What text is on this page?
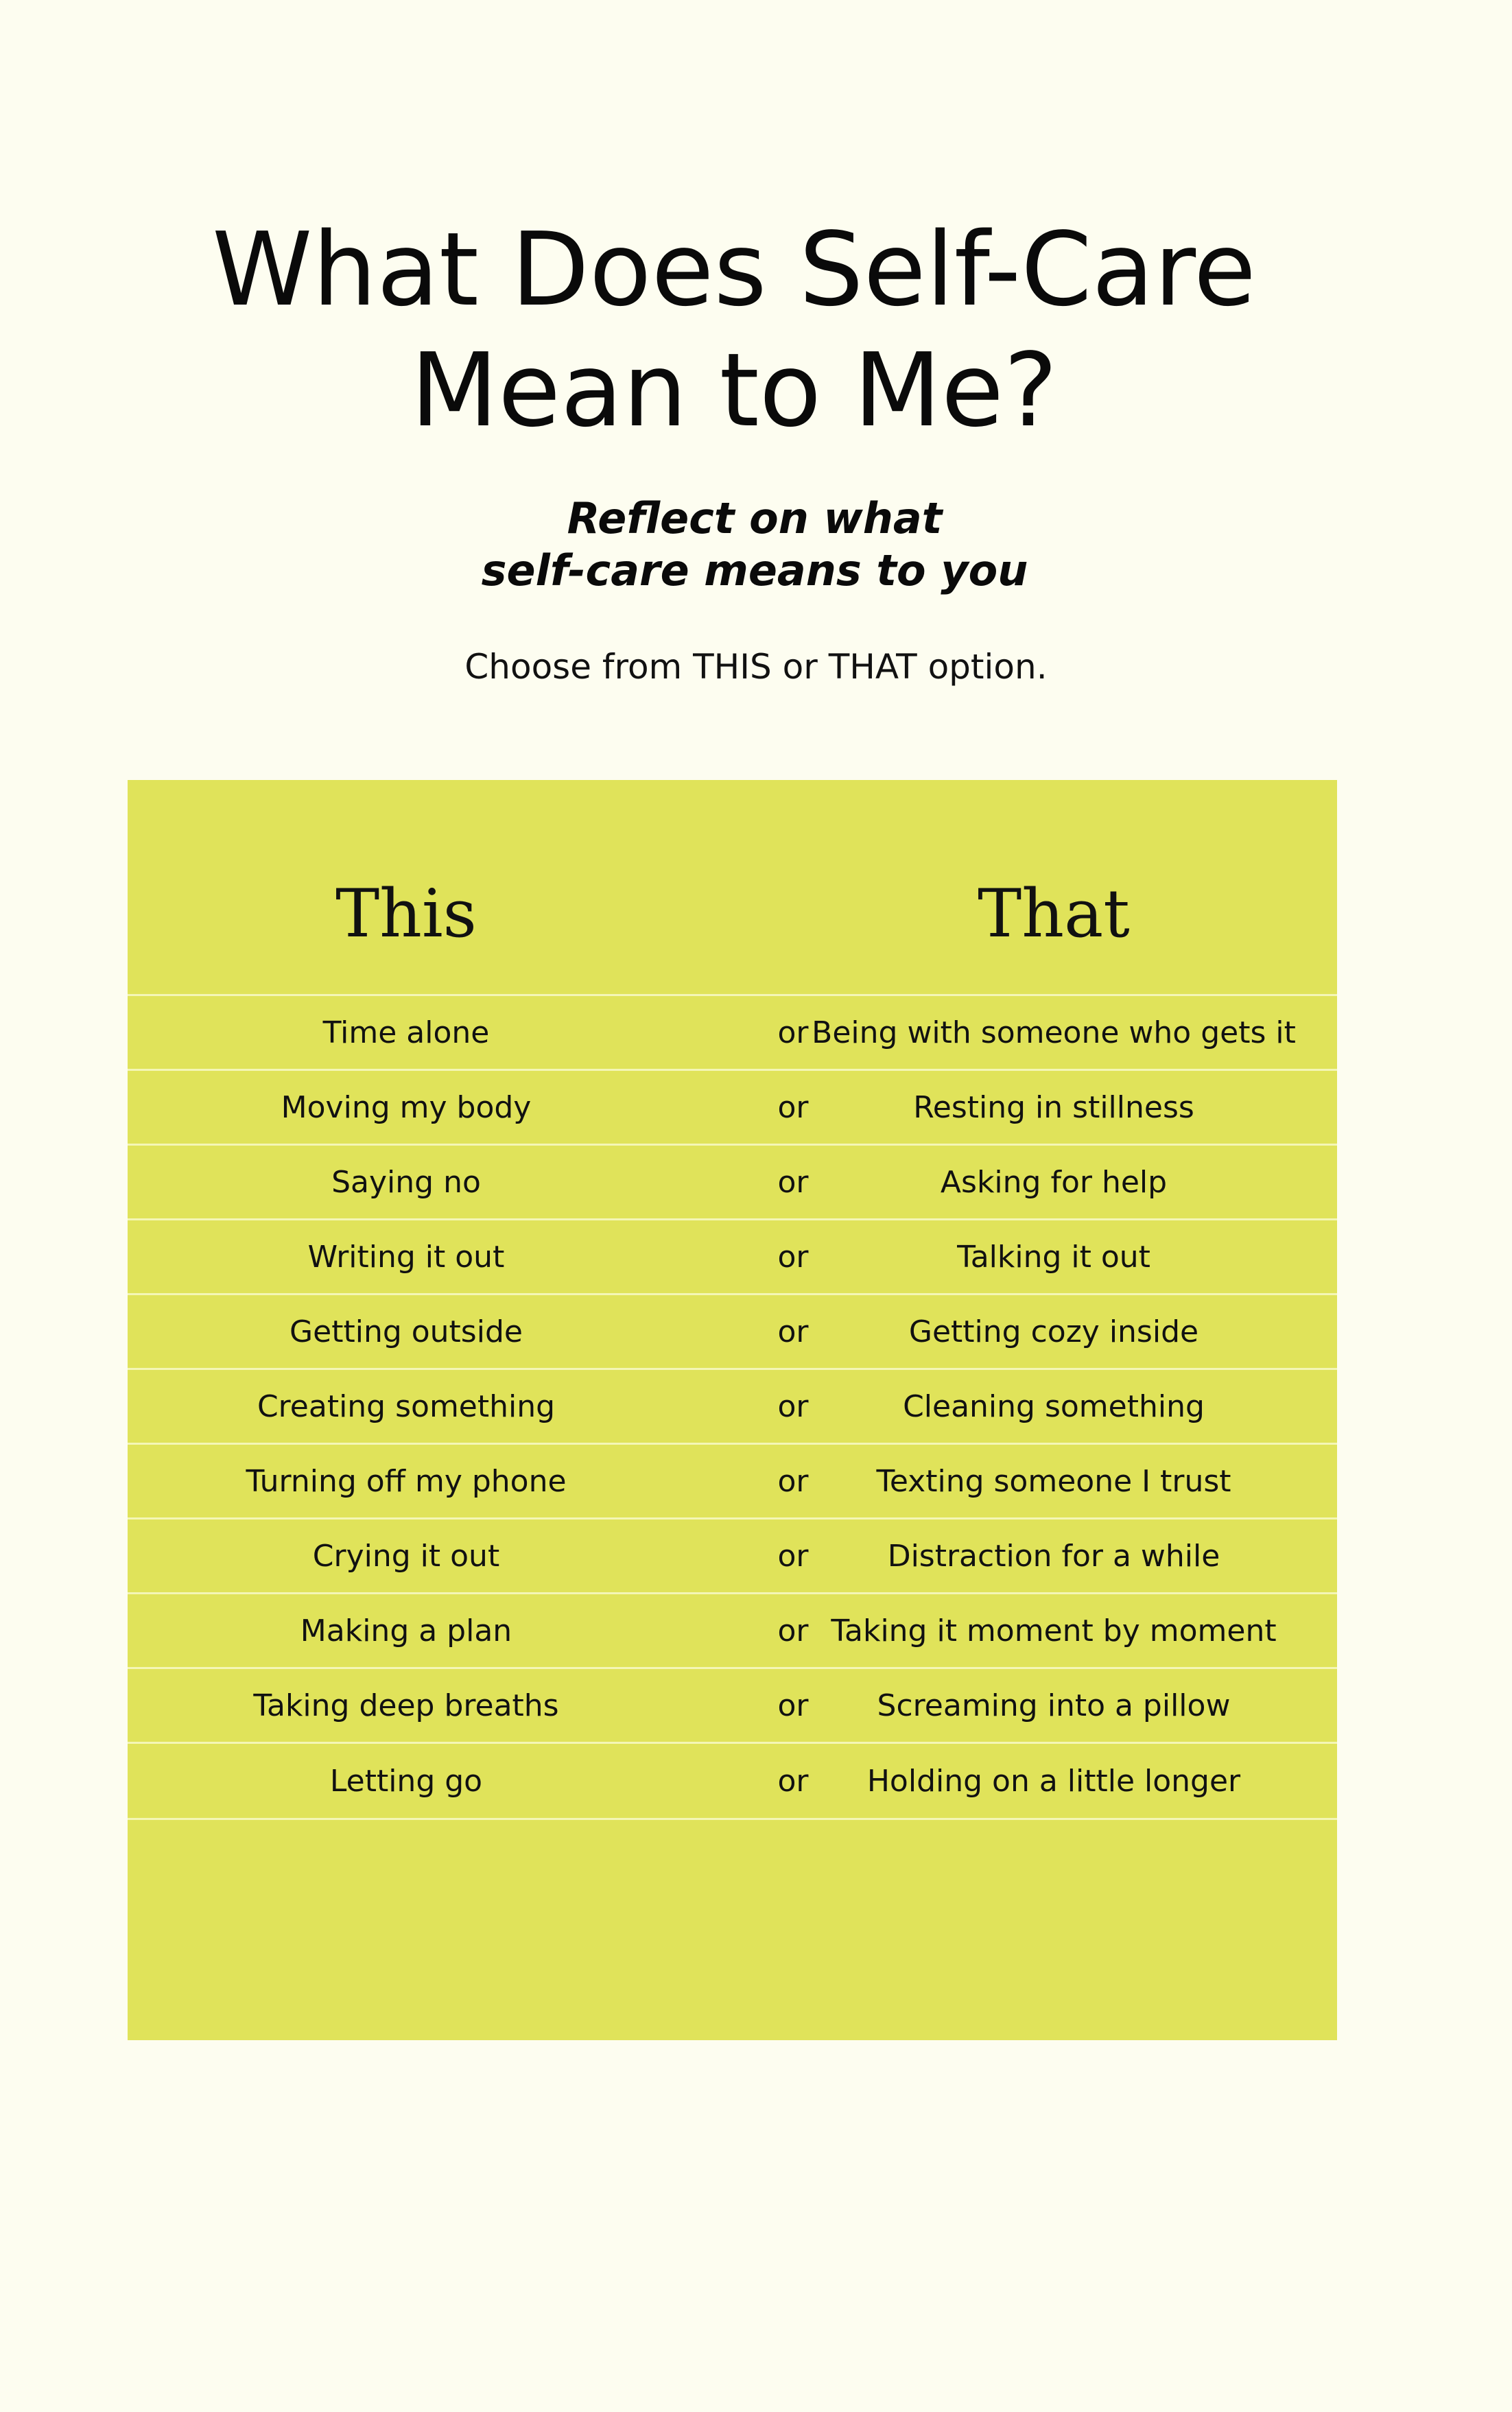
What Does Self-Care
Mean to Me?

Reflect on what
self-care means to you

Choose from THIS or THAT option.

This	That
Time alone	or Being with someone who gets it
Moving my body	or	Resting in stillness
Saying no	or	Asking for help
Writing it out	or	Talking it out
Getting outside	or	Getting cozy inside
Creating something	or	Cleaning something
Turning off my phone	or	Texting someone I trust
Crying it out	or	Distraction for a while
Making a plan	or Taking it moment by moment
Taking deep breaths	or	Screaming into a pillow
Letting go	or	Holding on a little longer
